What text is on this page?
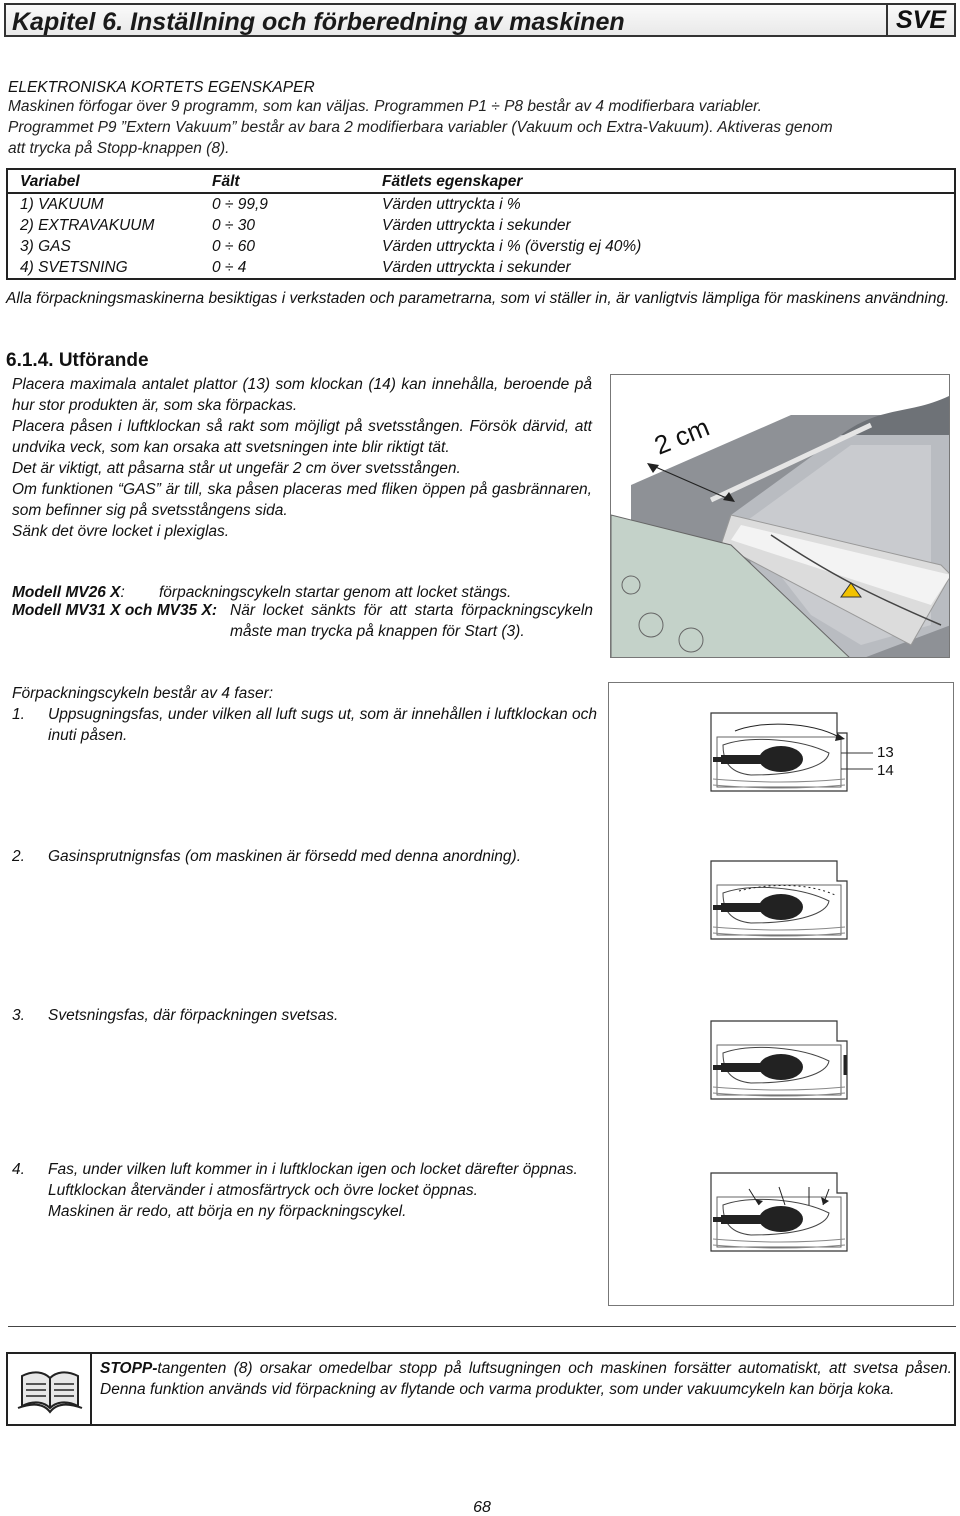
Kapitel 6. Inställning och förberedning av maskinen	SVE
ELEKTRONISKA KORTETS EGENSKAPER
Maskinen förfogar över 9 programm, som kan väljas. Programmen P1 ÷ P8 består av 4 modifierbara variabler.
Programmet P9 ”Extern Vakuum” består av bara 2 modifierbara variabler (Vakuum och Extra-Vakuum). Aktiveras genom
att trycka på Stopp-knappen (8).
Variabel	Fält	Fätlets egenskaper
1) VAKUUM	0 ÷ 99,9	Värden uttryckta i %
2) EXTRAVAKUUM	0 ÷ 30	Värden uttryckta i sekunder
3) GAS	0 ÷ 60	Värden uttryckta i % (överstig ej 40%)
4) SVETSNING	0 ÷ 4	Värden uttryckta i sekunder
Alla förpackningsmaskinerna besiktigas i verkstaden och parametrarna, som vi ställer in, är vanligtvis lämpliga för maskinens användning.
6.1.4. Utförande
Placera maximala antalet plattor (13) som klockan (14) kan innehålla, beroende på hur stor produkten är, som ska förpackas.
Placera påsen i luftklockan så rakt som möjligt på svetsstången. Försök därvid, att undvika veck, som kan orsaka att svetsningen inte blir riktigt tät.
Det är viktigt, att påsarna står ut ungefär 2 cm över svetsstången.
Om funktionen “GAS” är till, ska påsen placeras med fliken öppen på gasbrännaren, som befinner sig på svetsstångens sida.
Sänk det övre locket i plexiglas.
2 cm
Modell MV26 X: förpackningscykeln startar genom att locket stängs.
Modell MV31 X och MV35 X: När locket sänkts för att starta förpackningscykeln måste man trycka på knappen för Start (3).
Förpackningscykeln består av 4 faser:
1. Uppsugningsfas, under vilken all luft sugs ut, som är innehållen i luftklockan och inuti påsen.
2. Gasinsprutnignsfas (om maskinen är försedd med denna anordning).
3. Svetsningsfas, där förpackningen svetsas.
4. Fas, under vilken luft kommer in i luftklockan igen och locket därefter öppnas.
Luftklockan återvänder i atmosfärtryck och övre locket öppnas.
Maskinen är redo, att börja en ny förpackningscykel.
13
14
STOPP-tangenten (8) orsakar omedelbar stopp på luftsugningen och maskinen forsätter automatiskt, att svetsa påsen. Denna funktion används vid förpackning av flytande och varma produkter, som under vakuumcykeln kan börja koka.
68
